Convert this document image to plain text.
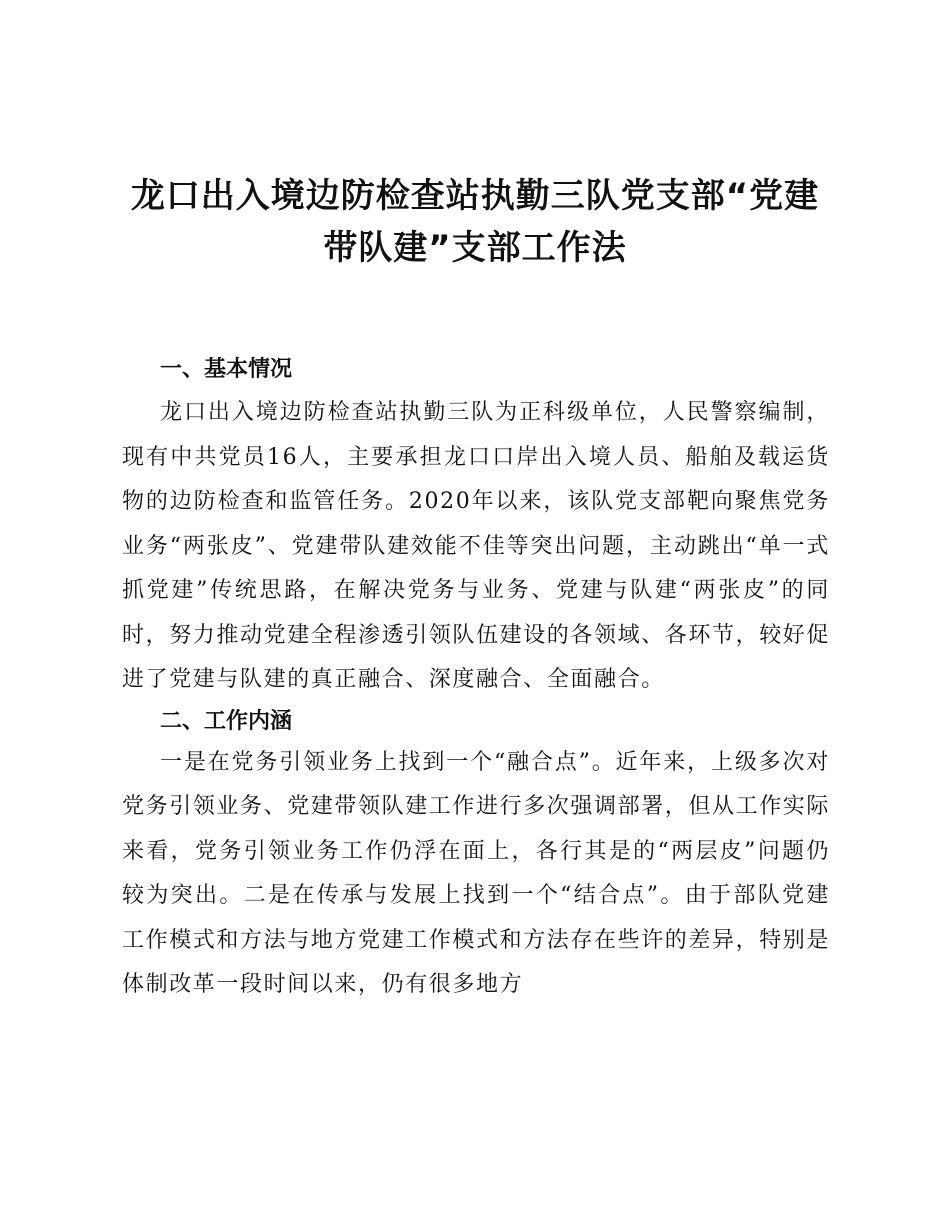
龙口出入境边防检查站执勤三队党支部“党建
带队建”支部工作法
一、基本情况

龙口出入境边防检查站执勤三队为正科级单位，人民警察编制，现有中共党员16人，主要承担龙口口岸出入境人员、船舶及载运货物的边防检查和监管任务。2020年以来，该队党支部靶向聚焦党务业务“两张皮”、党建带队建效能不佳等突出问题，主动跳出“单一式抓党建”传统思路，在解决党务与业务、党建与队建“两张皮”的同时，努力推动党建全程渗透引领队伍建设的各领域、各环节，较好促进了党建与队建的真正融合、深度融合、全面融合。

二、工作内涵

一是在党务引领业务上找到一个“融合点”。近年来，上级多次对党务引领业务、党建带领队建工作进行多次强调部署，但从工作实际来看，党务引领业务工作仍浮在面上，各行其是的“两层皮”问题仍较为突出。二是在传承与发展上找到一个“结合点”。由于部队党建工作模式和方法与地方党建工作模式和方法存在些许的差异，特别是体制改革一段时间以来，仍有很多地方
